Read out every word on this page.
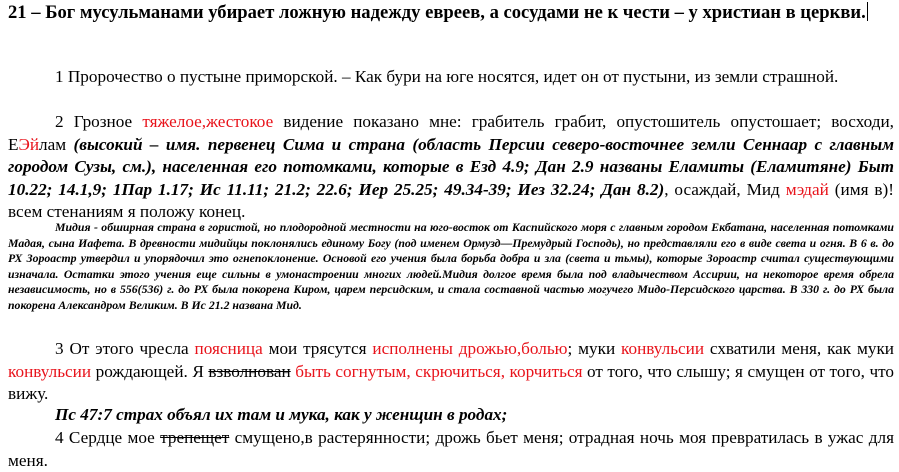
21 – Бог мусульманами убирает ложную надежду евреев, а сосудами не к чести – у христиан в церкви.
1 Пророчество о пустыне приморской. – Как бури на юге носятся, идет он от пустыни, из земли страшной.
2 Грозное тяжелое,жестокое видение показано мне: грабитель грабит, опустошитель опустошает; восходи, ЕЭйлам (высокий – имя. первенец Сима и страна (область Персии северо-восточнее земли Сеннаар с главным городом Сузы, см.), населенная его потомками, которые в Езд 4.9; Дан 2.9 названы Еламиты (Еламитяне) Быт 10.22; 14.1,9; 1Пар 1.17; Ис 11.11; 21.2; 22.6; Иер 25.25; 49.34-39; Иез 32.24; Дан 8.2), осаждай, Мид мэдай (имя в)! всем стенаниям я положу конец.
Мидия - обширная страна в гористой, но плодородной местности на юго-восток от Каспийского моря с главным городом Екбатана, населенная потомками Мадая, сына Иафета. В древности мидийцы поклонялись единому Богу (под именем Ормузд—Премудрый Господь), но представляли его в виде света и огня. В 6 в. до РХ Зороастр утвердил и упорядочил это огнепоклонение. Основой его учения была борьба добра и зла (света и тьмы), которые Зороастр считал существующими изначала. Остатки этого учения еще сильны в умонастроении многих людей.Мидия долгое время была под владычеством Ассирии, на некоторое время обрела независимость, но в 556(536) г. до РХ была покорена Киром, царем персидским, и стала составной частью могучего Мидо-Персидского царства. В 330 г. до РХ была покорена Александром Великим. В Ис 21.2 названа Мид.
3 От этого чресла поясница мои трясутся исполнены дрожью,болью; муки конвульсии схватили меня, как муки конвульсии рождающей. Я взволнован быть согнутым, скрючиться, корчиться от того, что слышу; я смущен от того, что вижу.
Пс 47:7 страх объял их там и мука, как у женщин в родах;
4 Сердце мое трепещет смущено,в растерянности; дрожь бьет меня; отрадная ночь моя превратилась в ужас для меня.
